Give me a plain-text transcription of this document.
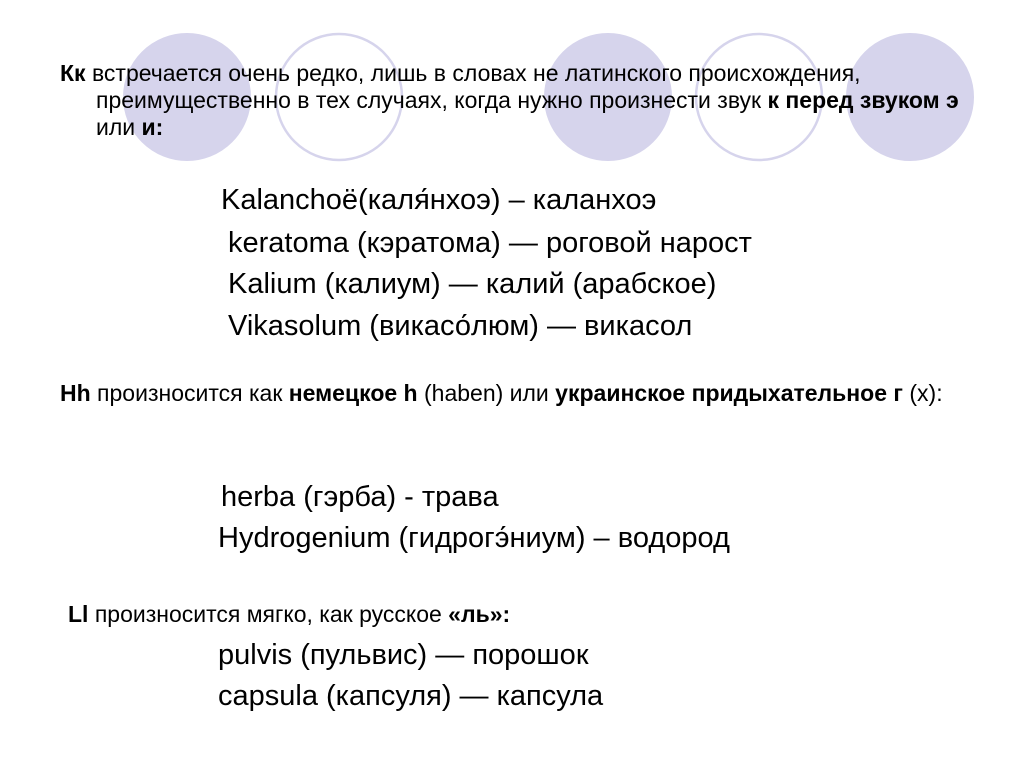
Кк встречается очень редко, лишь в словах не латинского происхождения, преимущественно в тех случаях, когда нужно произнести звук к перед звуком э или и:

Kalanchoё(каля́нхоэ) – каланхоэ
keratoma (кэратома) — роговой нарост
Kalium (калиум) — калий (арабское)
Vikasolum (викасо́люм) — викасол

Hh произносится как немецкое h (haben) или украинское придыхательное г (х):

herba (гэрба) - трава
Hydrogenium (гидрогэ́ниум) – водород

Ll произносится мягко, как русское «ль»:

pulvis (пульвис) — порошок
capsula (капсуля) — капсула
